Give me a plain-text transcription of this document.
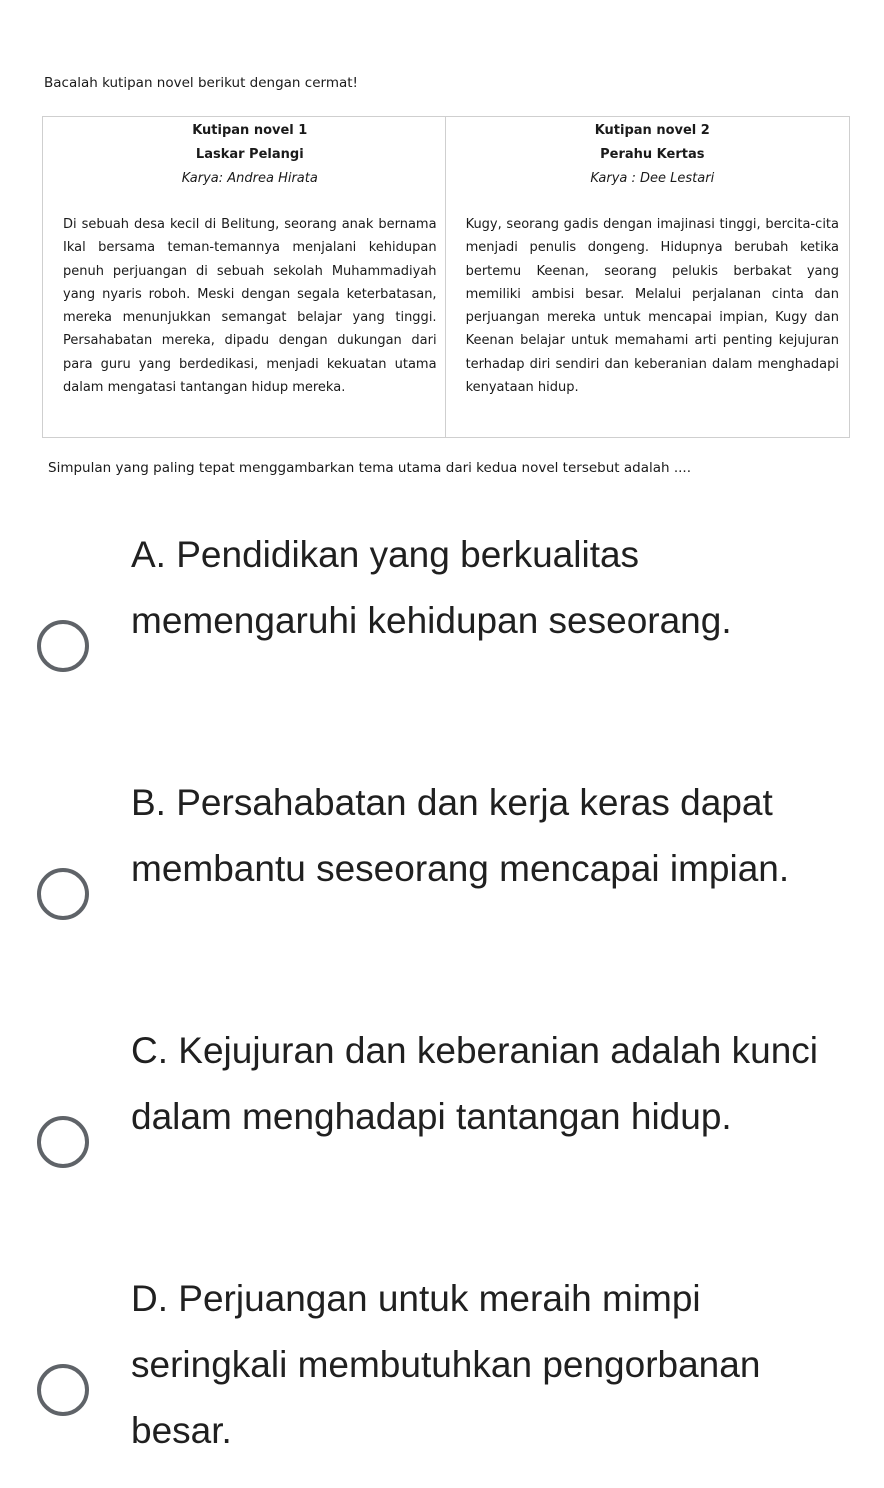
Bacalah kutipan novel berikut dengan cermat!
Kutipan novel 1
Laskar Pelangi
Karya: Andrea Hirata
Di sebuah desa kecil di Belitung, seorang anak bernama Ikal bersama teman-temannya menjalani kehidupan penuh perjuangan di sebuah sekolah Muhammadiyah yang nyaris roboh. Meski dengan segala keterbatasan, mereka menunjukkan semangat belajar yang tinggi. Persahabatan mereka, dipadu dengan dukungan dari para guru yang berdedikasi, menjadi kekuatan utama dalam mengatasi tantangan hidup mereka.

Kutipan novel 2
Perahu Kertas
Karya : Dee Lestari
Kugy, seorang gadis dengan imajinasi tinggi, bercita-cita menjadi penulis dongeng. Hidupnya berubah ketika bertemu Keenan, seorang pelukis berbakat yang memiliki ambisi besar. Melalui perjalanan cinta dan perjuangan mereka untuk mencapai impian, Kugy dan Keenan belajar untuk memahami arti penting kejujuran terhadap diri sendiri dan keberanian dalam menghadapi kenyataan hidup.
Simpulan yang paling tepat menggambarkan tema utama dari kedua novel tersebut adalah ....
A. Pendidikan yang berkualitas memengaruhi kehidupan seseorang.
B. Persahabatan dan kerja keras dapat membantu seseorang mencapai impian.
C. Kejujuran dan keberanian adalah kunci dalam menghadapi tantangan hidup.
D. Perjuangan untuk meraih mimpi seringkali membutuhkan pengorbanan besar.
